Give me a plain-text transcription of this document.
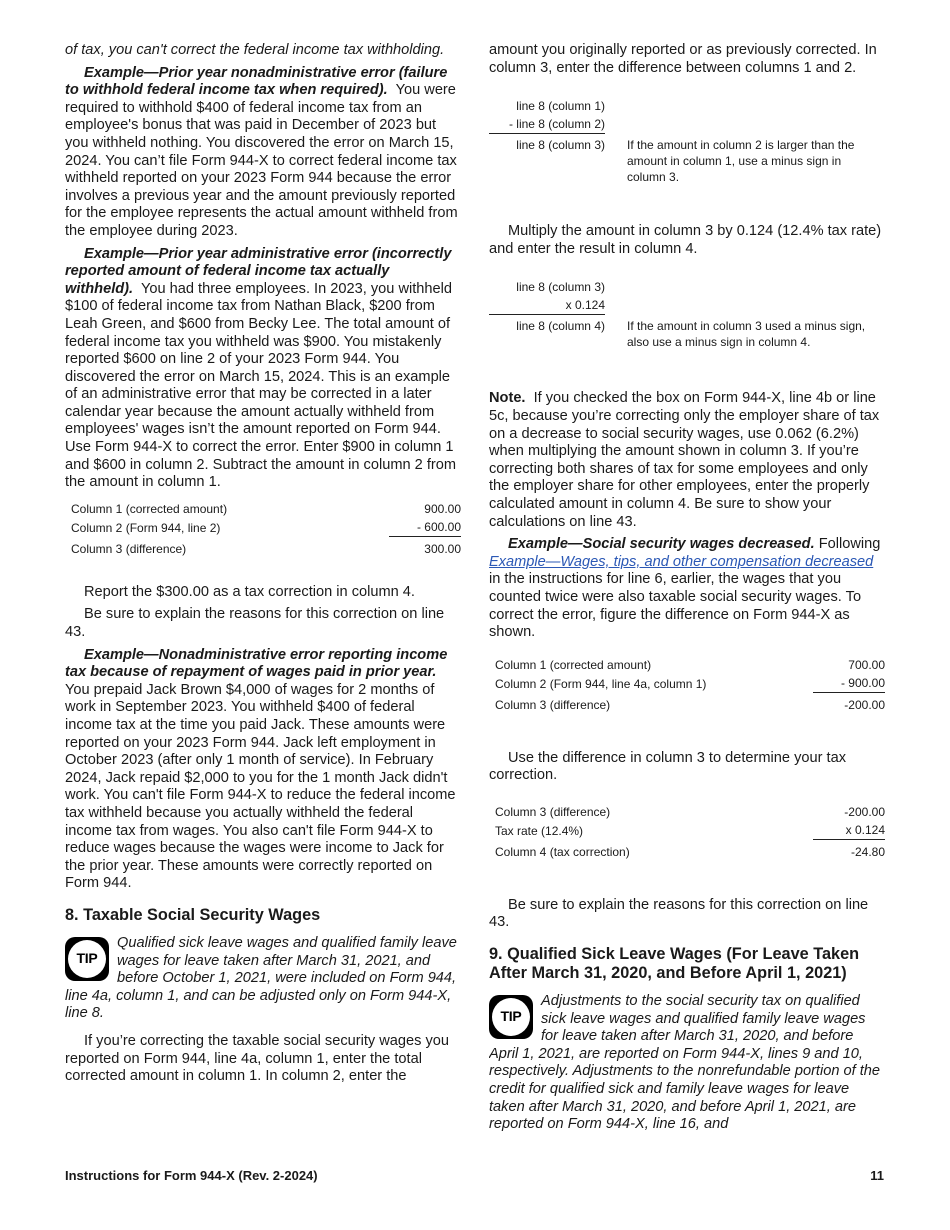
of tax, you can't correct the federal income tax withholding.

Example—Prior year nonadministrative error (failure to withhold federal income tax when required). You were required to withhold $400 of federal income tax from an employee's bonus that was paid in December of 2023 but you withheld nothing. You discovered the error on March 15, 2024. You can’t file Form 944-X to correct federal income tax withheld reported on your 2023 Form 944 because the error involves a previous year and the amount previously reported for the employee represents the actual amount withheld from the employee during 2023.

Example—Prior year administrative error (incorrectly reported amount of federal income tax actually withheld). You had three employees. In 2023, you withheld $100 of federal income tax from Nathan Black, $200 from Leah Green, and $600 from Becky Lee. The total amount of federal income tax you withheld was $900. You mistakenly reported $600 on line 2 of your 2023 Form 944. You discovered the error on March 15, 2024. This is an example of an administrative error that may be corrected in a later calendar year because the amount actually withheld from employees' wages isn’t the amount reported on Form 944. Use Form 944-X to correct the error. Enter $900 in column 1 and $600 in column 2. Subtract the amount in column 2 from the amount in column 1.

Column 1 (corrected amount)	900.00
Column 2 (Form 944, line 2)	- 600.00
Column 3 (difference)	300.00

Report the $300.00 as a tax correction in column 4.

Be sure to explain the reasons for this correction on line 43.

Example—Nonadministrative error reporting income tax because of repayment of wages paid in prior year.  You prepaid Jack Brown $4,000 of wages for 2 months of work in September 2023. You withheld $400 of federal income tax at the time you paid Jack. These amounts were reported on your 2023 Form 944. Jack left employment in October 2023 (after only 1 month of service). In February 2024, Jack repaid $2,000 to you for the 1 month Jack didn't work. You can't file Form 944-X to reduce the federal income tax withheld because you actually withheld the federal income tax from wages. You also can't file Form 944-X to reduce wages because the wages were income to Jack for the prior year. These amounts were correctly reported on Form 944.

8. Taxable Social Security Wages
TIP
Qualified sick leave wages and qualified family leave wages for leave taken after March 31, 2021, and before October 1, 2021, were included on Form 944, line 4a, column 1, and can be adjusted only on Form 944-X, line 8.

If you’re correcting the taxable social security wages you reported on Form 944, line 4a, column 1, enter the total corrected amount in column 1. In column 2, enter the

amount you originally reported or as previously corrected. In column 3, enter the difference between columns 1 and 2.

line 8 (column 1)
- line 8 (column 2)
line 8 (column 3) If the amount in column 2 is larger than the amount in column 1, use a minus sign in column 3.

Multiply the amount in column 3 by 0.124 (12.4% tax rate) and enter the result in column 4.

line 8 (column 3)
x 0.124
line 8 (column 4) If the amount in column 3 used a minus sign, also use a minus sign in column 4.

Note. If you checked the box on Form 944-X, line 4b or line 5c, because you’re correcting only the employer share of tax on a decrease to social security wages, use 0.062 (6.2%) when multiplying the amount shown in column 3. If you’re correcting both shares of tax for some employees and only the employer share for other employees, enter the properly calculated amount in column 4. Be sure to show your calculations on line 43.

Example—Social security wages decreased. Following Example—Wages, tips, and other compensation decreased in the instructions for line 6, earlier, the wages that you counted twice were also taxable social security wages. To correct the error, figure the difference on Form 944-X as shown.

Column 1 (corrected amount)	700.00
Column 2 (Form 944, line 4a, column 1)	- 900.00
Column 3 (difference)	-200.00

Use the difference in column 3 to determine your tax correction.

Column 3 (difference)	-200.00
Tax rate (12.4%)	x 0.124
Column 4 (tax correction)	-24.80

Be sure to explain the reasons for this correction on line 43.

9. Qualified Sick Leave Wages (For Leave Taken After March 31, 2020, and Before April 1, 2021)
TIP
Adjustments to the social security tax on qualified sick leave wages and qualified family leave wages for leave taken after March 31, 2020, and before April 1, 2021, are reported on Form 944-X, lines 9 and 10, respectively. Adjustments to the nonrefundable portion of the credit for qualified sick and family leave wages for leave taken after March 31, 2020, and before April 1, 2021, are reported on Form 944-X, line 16, and
Instructions for Form 944-X (Rev. 2-2024)	11
